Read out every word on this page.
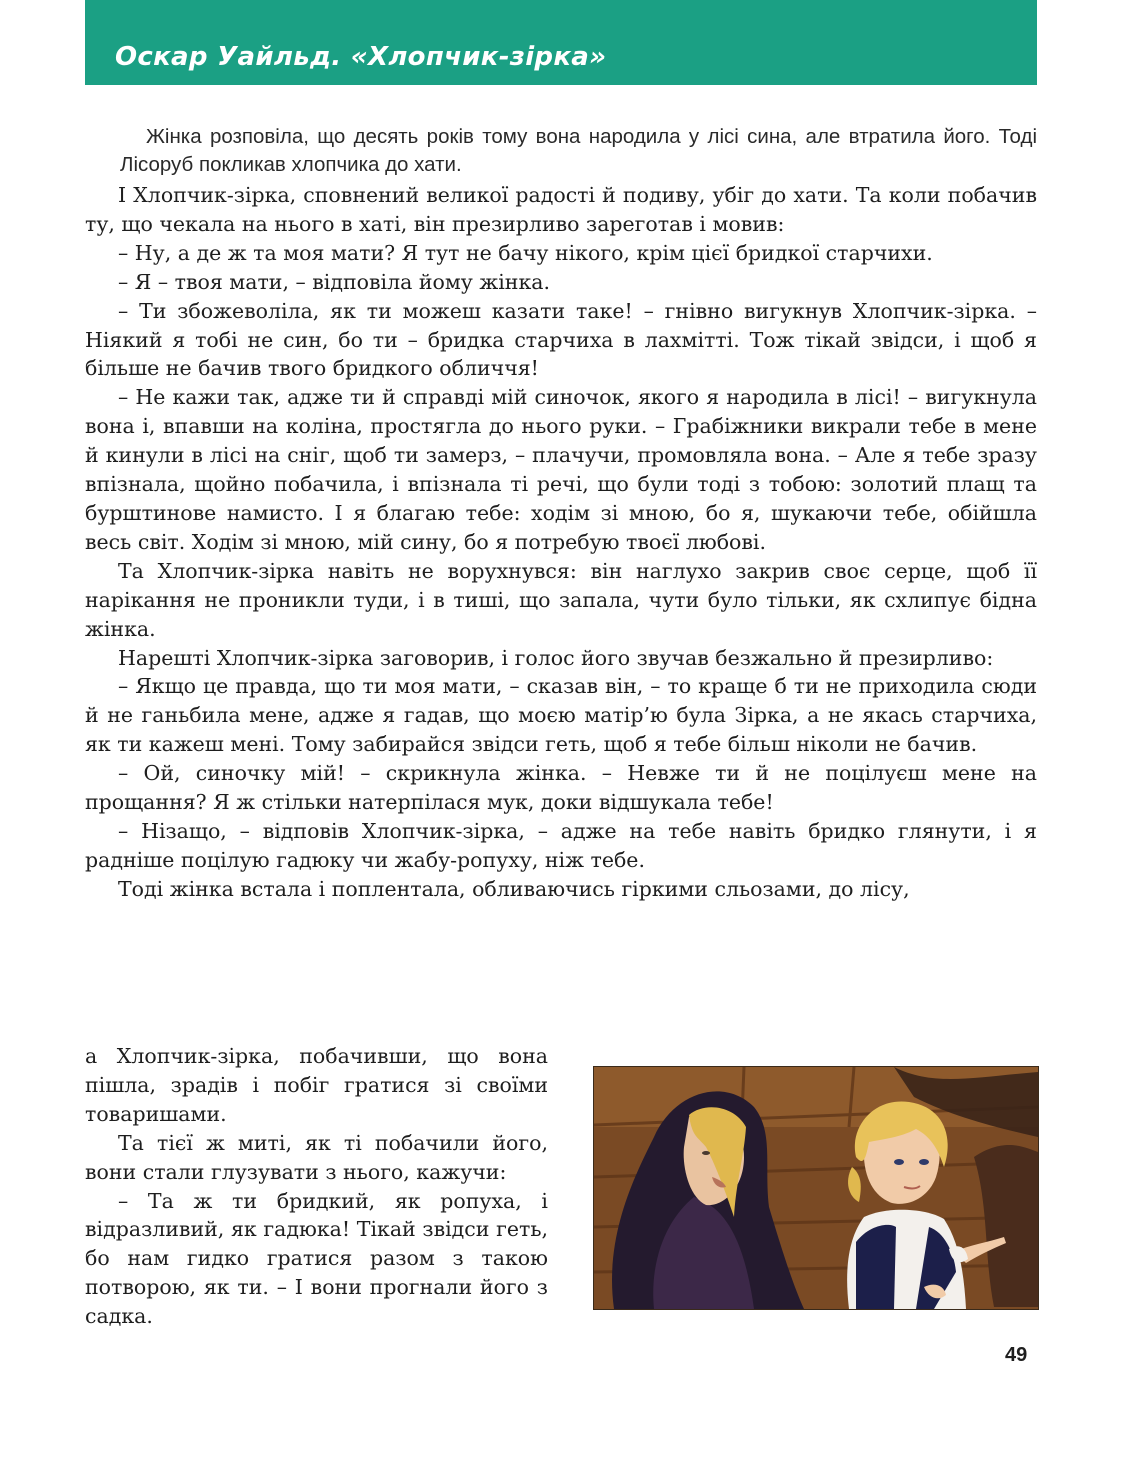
Оскар Уайльд. «Хлопчик-зірка»

Жінка розповіла, що десять років тому вона народила у лісі сина, але втратила його. Тоді Лісоруб покликав хлопчика до хати.

І Хлопчик-зірка, сповнений великої радості й подиву, убіг до хати. Та коли побачив ту, що чекала на нього в хаті, він презирливо зареготав і мовив:

– Ну, а де ж та моя мати? Я тут не бачу нікого, крім цієї бридкої старчихи.

– Я – твоя мати, – відповіла йому жінка.

– Ти збожеволіла, як ти можеш казати таке! – гнівно вигукнув Хлопчик-зірка. – Ніякий я тобі не син, бо ти – бридка старчиха в лахмітті. Тож тікай звідси, і щоб я більше не бачив твого бридкого обличчя!

– Не кажи так, адже ти й справді мій синочок, якого я народила в лісі! – вигукнула вона і, впавши на коліна, простягла до нього руки. – Грабіжники викрали тебе в мене й кинули в лісі на сніг, щоб ти замерз, – плачучи, промовляла вона. – Але я тебе зразу впізнала, щойно побачила, і впізнала ті речі, що були тоді з тобою: золотий плащ та бурштинове намисто. І я благаю тебе: ходім зі мною, бо я, шукаючи тебе, обійшла весь світ. Ходім зі мною, мій сину, бо я потребую твоєї любові.

Та Хлопчик-зірка навіть не ворухнувся: він наглухо закрив своє серце, щоб її нарікання не проникли туди, і в тиші, що запала, чути було тільки, як схлипує бідна жінка.

Нарешті Хлопчик-зірка заговорив, і голос його звучав безжально й презирливо:

– Якщо це правда, що ти моя мати, – сказав він, – то краще б ти не приходила сюди й не ганьбила мене, адже я гадав, що моєю матір’ю була Зірка, а не якась старчиха, як ти кажеш мені. Тому забирайся звідси геть, щоб я тебе більш ніколи не бачив.

– Ой, синочку мій! – скрикнула жінка. – Невже ти й не поцілуєш мене на прощання? Я ж стільки натерпілася мук, доки відшукала тебе!

– Нізащо, – відповів Хлопчик-зірка, – адже на тебе навіть бридко глянути, і я радніше поцілую гадюку чи жабу-ропуху, ніж тебе.

Тоді жінка встала і поплентала, обливаючись гіркими сльозами, до лісу,

а Хлопчик-зірка, побачивши, що вона пішла, зрадів і побіг гратися зі своїми товаришами.

Та тієї ж миті, як ті побачили його, вони стали глузувати з нього, кажучи:

– Та ж ти бридкий, як ропуха, і відразливий, як гадюка! Тікай звідси геть, бо нам гидко гратися разом з такою потворою, як ти. – І вони прогнали його з садка.

49
